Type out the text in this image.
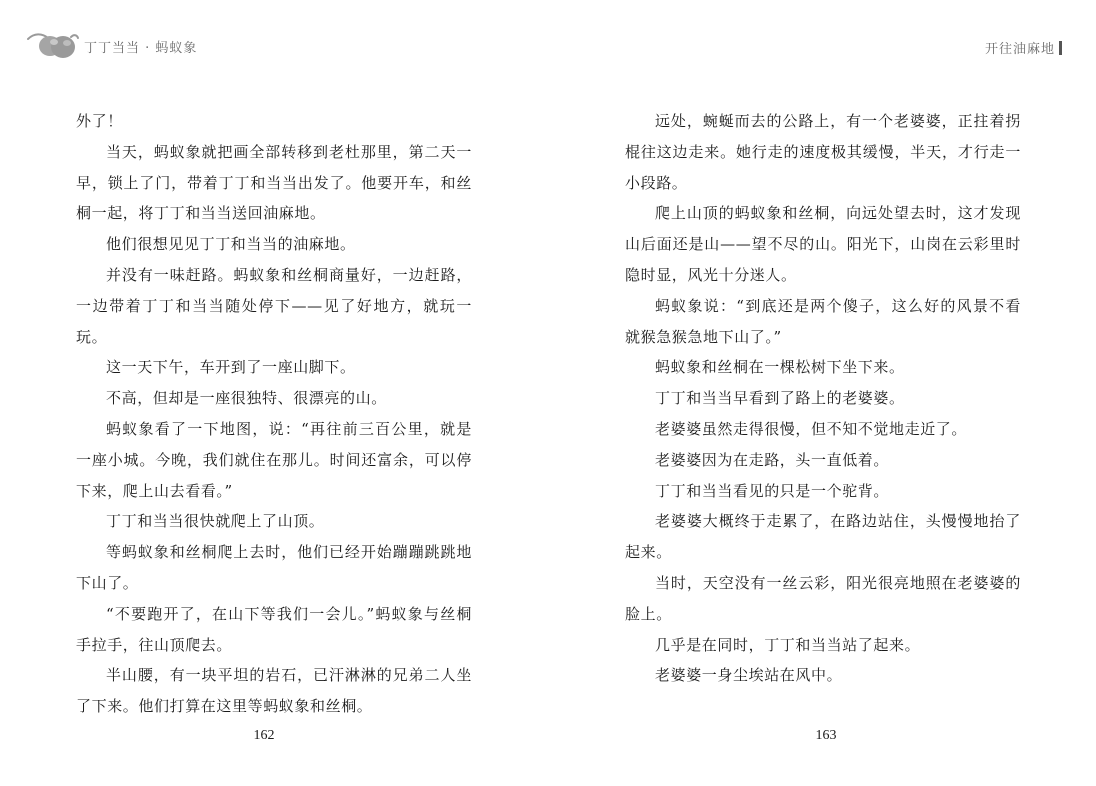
丁丁当当 · 蚂蚁象

外了！

当天，蚂蚁象就把画全部转移到老杜那里，第二天一早，锁上了门，带着丁丁和当当出发了。他要开车，和丝桐一起，将丁丁和当当送回油麻地。

他们很想见见丁丁和当当的油麻地。

并没有一味赶路。蚂蚁象和丝桐商量好，一边赶路，一边带着丁丁和当当随处停下——见了好地方，就玩一玩。

这一天下午，车开到了一座山脚下。

不高，但却是一座很独特、很漂亮的山。

蚂蚁象看了一下地图，说：“再往前三百公里，就是一座小城。今晚，我们就住在那儿。时间还富余，可以停下来，爬上山去看看。”

丁丁和当当很快就爬上了山顶。

等蚂蚁象和丝桐爬上去时，他们已经开始蹦蹦跳跳地下山了。

“不要跑开了，在山下等我们一会儿。”蚂蚁象与丝桐手拉手，往山顶爬去。

半山腰，有一块平坦的岩石，已汗淋淋的兄弟二人坐了下来。他们打算在这里等蚂蚁象和丝桐。

162
开往油麻地

远处，蜿蜒而去的公路上，有一个老婆婆，正拄着拐棍往这边走来。她行走的速度极其缓慢，半天，才行走一小段路。

爬上山顶的蚂蚁象和丝桐，向远处望去时，这才发现山后面还是山——望不尽的山。阳光下，山岗在云彩里时隐时显，风光十分迷人。

蚂蚁象说：“到底还是两个傻子，这么好的风景不看就猴急猴急地下山了。”

蚂蚁象和丝桐在一棵松树下坐下来。

丁丁和当当早看到了路上的老婆婆。

老婆婆虽然走得很慢，但不知不觉地走近了。

老婆婆因为在走路，头一直低着。

丁丁和当当看见的只是一个驼背。

老婆婆大概终于走累了，在路边站住，头慢慢地抬了起来。

当时，天空没有一丝云彩，阳光很亮地照在老婆婆的脸上。

几乎是在同时，丁丁和当当站了起来。

老婆婆一身尘埃站在风中。

163
